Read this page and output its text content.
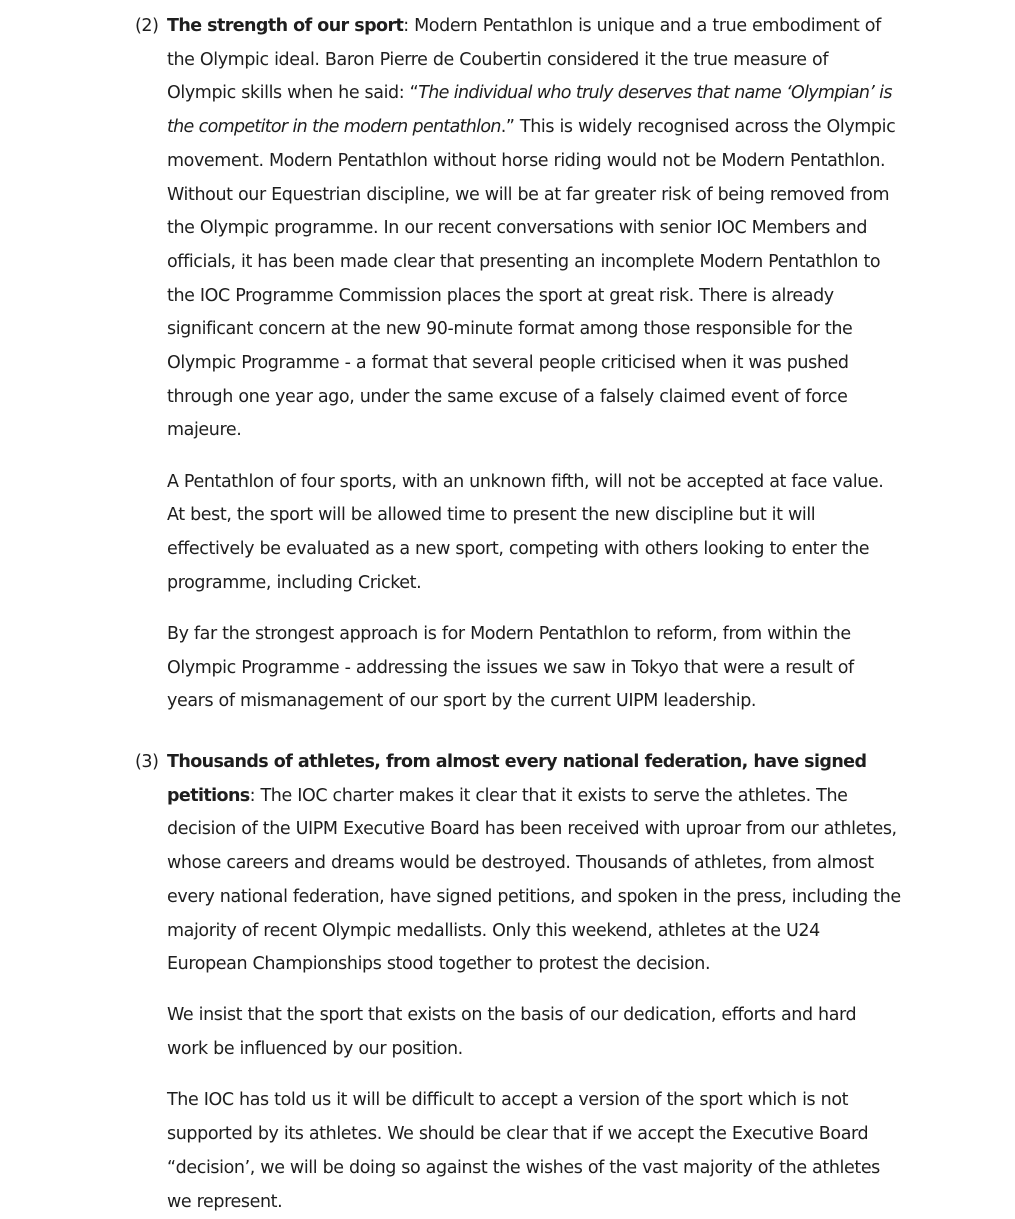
(2) The strength of our sport: Modern Pentathlon is unique and a true embodiment of the Olympic ideal. Baron Pierre de Coubertin considered it the true measure of Olympic skills when he said: “The individual who truly deserves that name ‘Olympian’ is the competitor in the modern pentathlon.” This is widely recognised across the Olympic movement. Modern Pentathlon without horse riding would not be Modern Pentathlon. Without our Equestrian discipline, we will be at far greater risk of being removed from the Olympic programme. In our recent conversations with senior IOC Members and officials, it has been made clear that presenting an incomplete Modern Pentathlon to the IOC Programme Commission places the sport at great risk. There is already significant concern at the new 90-minute format among those responsible for the Olympic Programme - a format that several people criticised when it was pushed through one year ago, under the same excuse of a falsely claimed event of force majeure.

A Pentathlon of four sports, with an unknown fifth, will not be accepted at face value. At best, the sport will be allowed time to present the new discipline but it will effectively be evaluated as a new sport, competing with others looking to enter the programme, including Cricket.

By far the strongest approach is for Modern Pentathlon to reform, from within the Olympic Programme - addressing the issues we saw in Tokyo that were a result of years of mismanagement of our sport by the current UIPM leadership.

(3) Thousands of athletes, from almost every national federation, have signed petitions: The IOC charter makes it clear that it exists to serve the athletes. The decision of the UIPM Executive Board has been received with uproar from our athletes, whose careers and dreams would be destroyed. Thousands of athletes, from almost every national federation, have signed petitions, and spoken in the press, including the majority of recent Olympic medallists. Only this weekend, athletes at the U24 European Championships stood together to protest the decision.

We insist that the sport that exists on the basis of our dedication, efforts and hard work be influenced by our position.

The IOC has told us it will be difficult to accept a version of the sport which is not supported by its athletes. We should be clear that if we accept the Executive Board “decision’, we will be doing so against the wishes of the vast majority of the athletes we represent.
